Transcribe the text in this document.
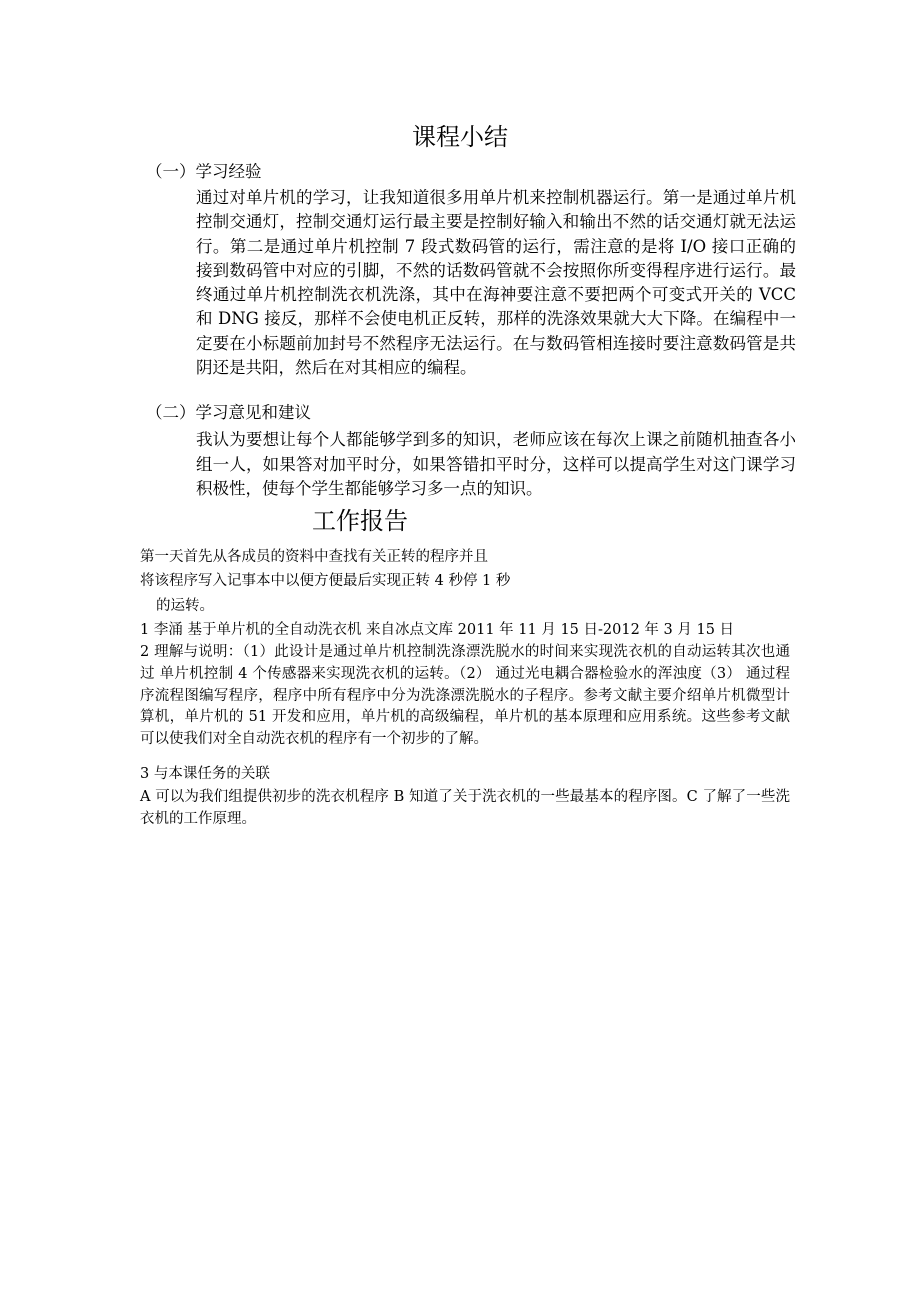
课程小结
（一）学习经验
通过对单片机的学习，让我知道很多用单片机来控制机器运行。第一是通过单片机控制交通灯，控制交通灯运行最主要是控制好输入和输出不然的话交通灯就无法运行。第二是通过单片机控制 7 段式数码管的运行，需注意的是将 I/O 接口正确的接到数码管中对应的引脚，不然的话数码管就不会按照你所变得程序进行运行。最终通过单片机控制洗衣机洗涤，其中在海神要注意不要把两个可变式开关的 VCC 和 DNG 接反，那样不会使电机正反转，那样的洗涤效果就大大下降。在编程中一定要在小标题前加封号不然程序无法运行。在与数码管相连接时要注意数码管是共阴还是共阳，然后在对其相应的编程。
（二）学习意见和建议
我认为要想让每个人都能够学到多的知识，老师应该在每次上课之前随机抽查各小组一人，如果答对加平时分，如果答错扣平时分，这样可以提高学生对这门课学习积极性，使每个学生都能够学习多一点的知识。
工作报告
第一天首先从各成员的资料中查找有关正转的程序并且
将该程序写入记事本中以便方便最后实现正转 4 秒停 1 秒
的运转。
1 李涌 基于单片机的全自动洗衣机 来自冰点文库 2011 年 11 月 15 日-2012 年 3 月 15 日
2 理解与说明：（1）此设计是通过单片机控制洗涤漂洗脱水的时间来实现洗衣机的自动运转其次也通过 单片机控制 4 个传感器来实现洗衣机的运转。（2） 通过光电耦合器检验水的浑浊度（3） 通过程序流程图编写程序，程序中所有程序中分为洗涤漂洗脱水的子程序。参考文献主要介绍单片机微型计算机，单片机的 51 开发和应用，单片机的高级编程，单片机的基本原理和应用系统。这些参考文献可以使我们对全自动洗衣机的程序有一个初步的了解。
3 与本课任务的关联
A 可以为我们组提供初步的洗衣机程序 B 知道了关于洗衣机的一些最基本的程序图。C 了解了一些洗衣机的工作原理。
